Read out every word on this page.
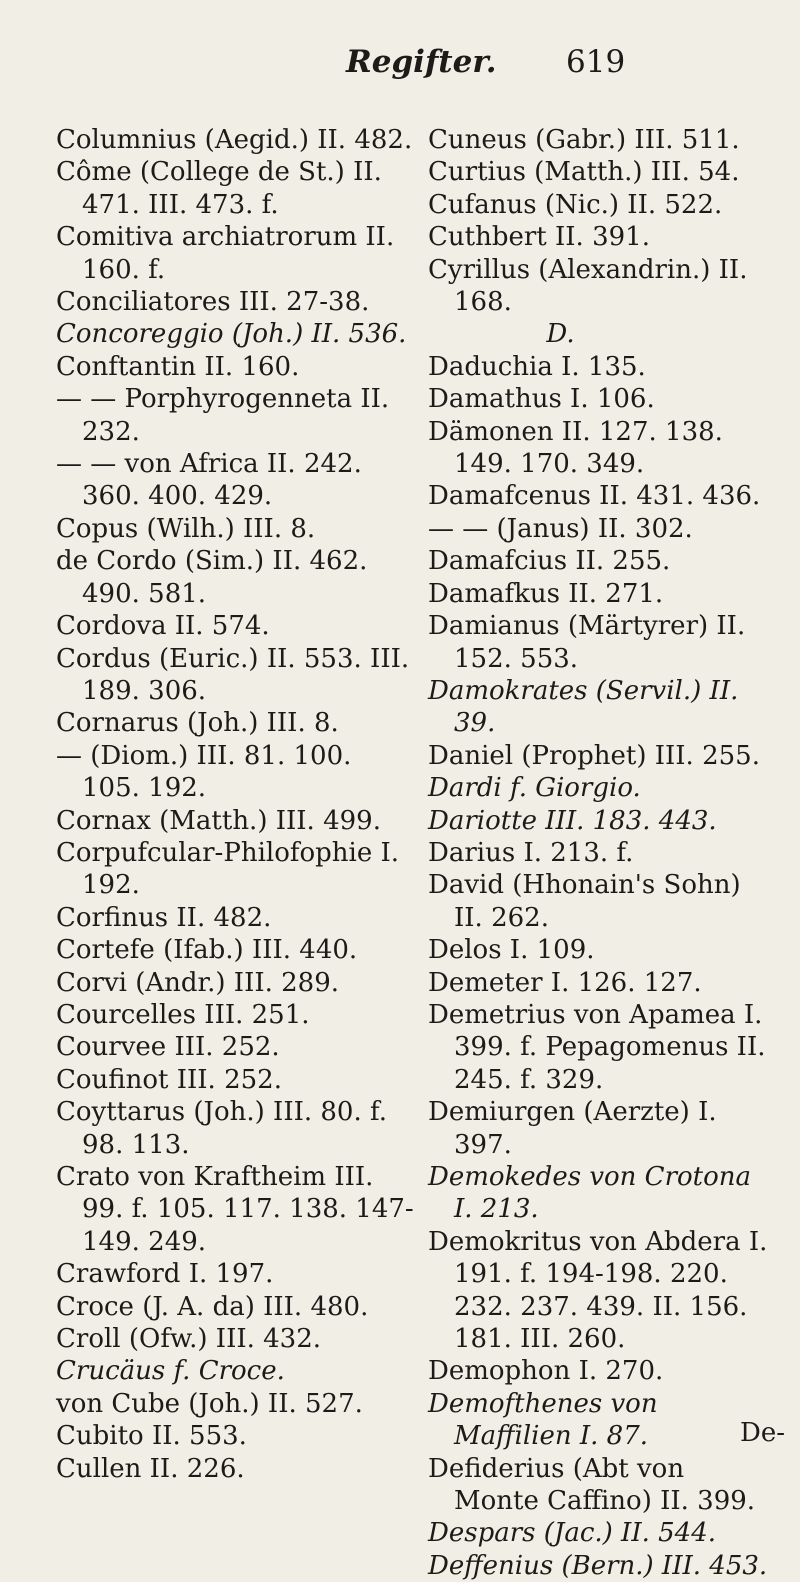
Regifter. 619

Columnius (Aegid.) II. 482.

Côme (College de St.) II. 471. III. 473. f.

Comitiva archiatrorum II. 160. f.

Conciliatores III. 27-38.

Concoreggio (Joh.) II. 536.

Conftantin II. 160.

— — Porphyrogenneta II. 232.

— — von Africa II. 242. 360. 400. 429.

Copus (Wilh.) III. 8.

de Cordo (Sim.) II. 462. 490. 581.

Cordova II. 574.

Cordus (Euric.) II. 553. III. 189. 306.

Cornarus (Joh.) III. 8.

— (Diom.) III. 81. 100. 105. 192.

Cornax (Matth.) III. 499.

Corpufcular-Philofophie I. 192.

Corfinus II. 482.

Cortefe (Ifab.) III. 440.

Corvi (Andr.) III. 289.

Courcelles III. 251.

Courvee III. 252.

Coufinot III. 252.

Coyttarus (Joh.) III. 80. f. 98. 113.

Crato von Kraftheim III. 99. f. 105. 117. 138. 147-149. 249.

Crawford I. 197.

Croce (J. A. da) III. 480.

Croll (Ofw.) III. 432.

Crucäus f. Croce.

von Cube (Joh.) II. 527.

Cubito II. 553.

Cullen II. 226.

Cuneus (Gabr.) III. 511.

Curtius (Matth.) III. 54.

Cufanus (Nic.) II. 522.

Cuthbert II. 391.

Cyrillus (Alexandrin.) II. 168.

D.

Daduchia I. 135.

Damathus I. 106.

Dämonen II. 127. 138. 149. 170. 349.

Damafcenus II. 431. 436.

— — (Janus) II. 302.

Damafcius II. 255.

Damafkus II. 271.

Damianus (Märtyrer) II. 152. 553.

Damokrates (Servil.) II. 39.

Daniel (Prophet) III. 255.

Dardi f. Giorgio.

Dariotte III. 183. 443.

Darius I. 213. f.

David (Hhonain's Sohn) II. 262.

Delos I. 109.

Demeter I. 126. 127.

Demetrius von Apamea I. 399. f. Pepagomenus II. 245. f. 329.

Demiurgen (Aerzte) I. 397.

Demokedes von Crotona I. 213.

Demokritus von Abdera I. 191. f. 194-198. 220. 232. 237. 439. II. 156. 181. III. 260.

Demophon I. 270.

Demofthenes von Maffilien I. 87.

Defiderius (Abt von Monte Caffino) II. 399.

Despars (Jac.) II. 544.

Deffenius (Bern.) III. 453.

De-
